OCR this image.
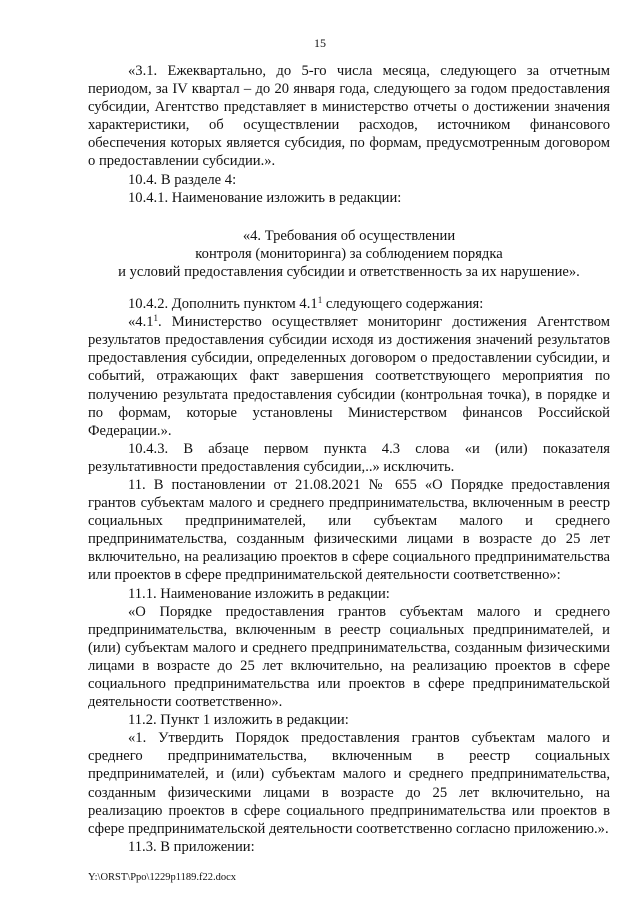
15

«3.1. Ежеквартально, до 5-го числа месяца, следующего за отчетным периодом, за IV квартал – до 20 января года, следующего за годом предоставления субсидии, Агентство представляет в министерство отчеты о достижении значения характеристики, об осуществлении расходов, источником финансового обеспечения которых является субсидия, по формам, предусмотренным договором о предоставлении субсидии.».

10.4. В разделе 4:

10.4.1. Наименование изложить в редакции:

«4. Требования об осуществлении
контроля (мониторинга) за соблюдением порядка
и условий предоставления субсидии и ответственность за их нарушение».

10.4.2. Дополнить пунктом $4.1^1$ следующего содержания:

«$4.1^1$. Министерство осуществляет мониторинг достижения Агентством результатов предоставления субсидии исходя из достижения значений результатов предоставления субсидии, определенных договором о предоставлении субсидии, и событий, отражающих факт завершения соответствующего мероприятия по получению результата предоставления субсидии (контрольная точка), в порядке и по формам, которые установлены Министерством финансов Российской Федерации.».

10.4.3. В абзаце первом пункта 4.3 слова «и (или) показателя результативности предоставления субсидии,..» исключить.

11. В постановлении от 21.08.2021 № 655 «О Порядке предоставления грантов субъектам малого и среднего предпринимательства, включенным в реестр социальных предпринимателей, или субъектам малого и среднего предпринимательства, созданным физическими лицами в возрасте до 25 лет включительно, на реализацию проектов в сфере социального предпринимательства или проектов в сфере предпринимательской деятельности соответственно»:

11.1. Наименование изложить в редакции:

«О Порядке предоставления грантов субъектам малого и среднего предпринимательства, включенным в реестр социальных предпринимателей, и (или) субъектам малого и среднего предпринимательства, созданным физическими лицами в возрасте до 25 лет включительно, на реализацию проектов в сфере социального предпринимательства или проектов в сфере предпринимательской деятельности соответственно».

11.2. Пункт 1 изложить в редакции:

«1. Утвердить Порядок предоставления грантов субъектам малого и среднего предпринимательства, включенным в реестр социальных предпринимателей, и (или) субъектам малого и среднего предпринимательства, созданным физическими лицами в возрасте до 25 лет включительно, на реализацию проектов в сфере социального предпринимательства или проектов в сфере предпринимательской деятельности соответственно согласно приложению.».

11.3. В приложении:

Y:\ORST\Ppo\1229p1189.f22.docx
